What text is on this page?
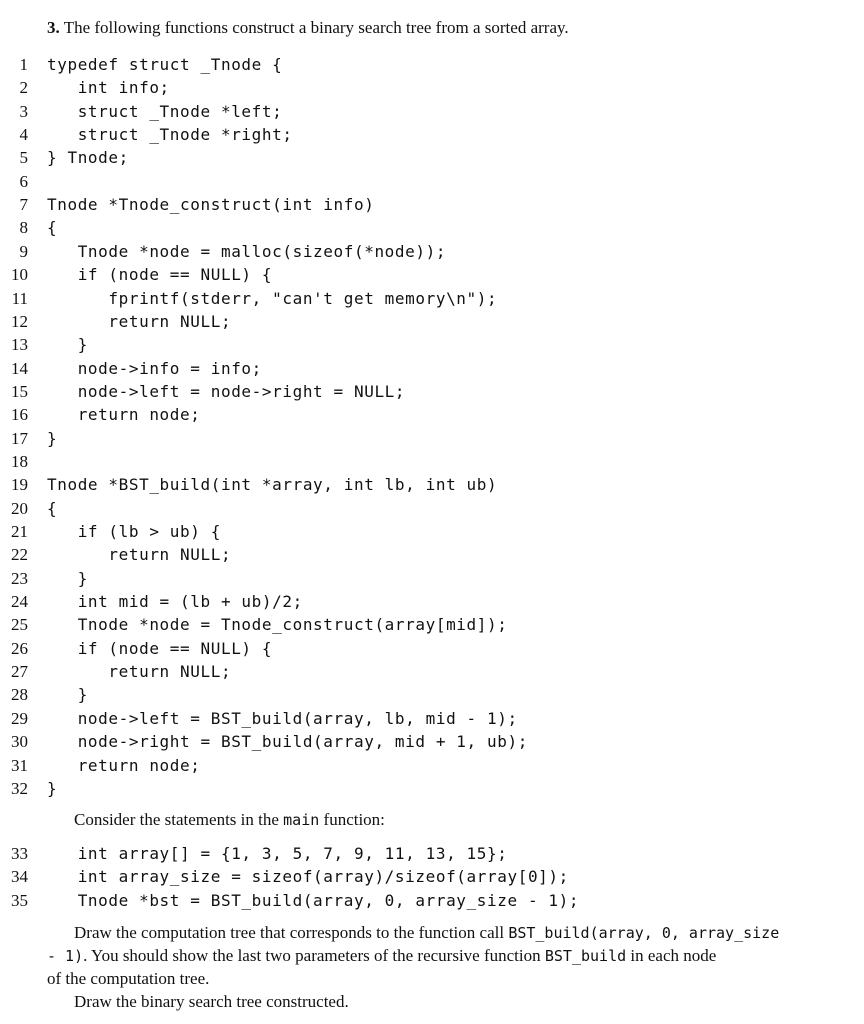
3. The following functions construct a binary search tree from a sorted array.
1 typedef struct _Tnode {
2 int info;
3 struct _Tnode *left;
4 struct _Tnode *right;
5 } Tnode;
6
7 Tnode *Tnode_construct(int info)
8 {
9 Tnode *node = malloc(sizeof(*node));
10 if (node == NULL) {
11 fprintf(stderr, "can't get memory\n");
12 return NULL;
13 }
14 node->info = info;
15 node->left = node->right = NULL;
16 return node;
17 }
18
19 Tnode *BST_build(int *array, int lb, int ub)
20 {
21 if (lb > ub) {
22 return NULL;
23 }
24 int mid = (lb + ub)/2;
25 Tnode *node = Tnode_construct(array[mid]);
26 if (node == NULL) {
27 return NULL;
28 }
29 node->left = BST_build(array, lb, mid - 1);
30 node->right = BST_build(array, mid + 1, ub);
31 return node;
32 }
Consider the statements in the main function:
33 int array[] = {1, 3, 5, 7, 9, 11, 13, 15};
34 int array_size = sizeof(array)/sizeof(array[0]);
35 Tnode *bst = BST_build(array, 0, array_size - 1);
Draw the computation tree that corresponds to the function call BST_build(array, 0, array_size
- 1). You should show the last two parameters of the recursive function BST_build in each node
of the computation tree.
Draw the binary search tree constructed.
